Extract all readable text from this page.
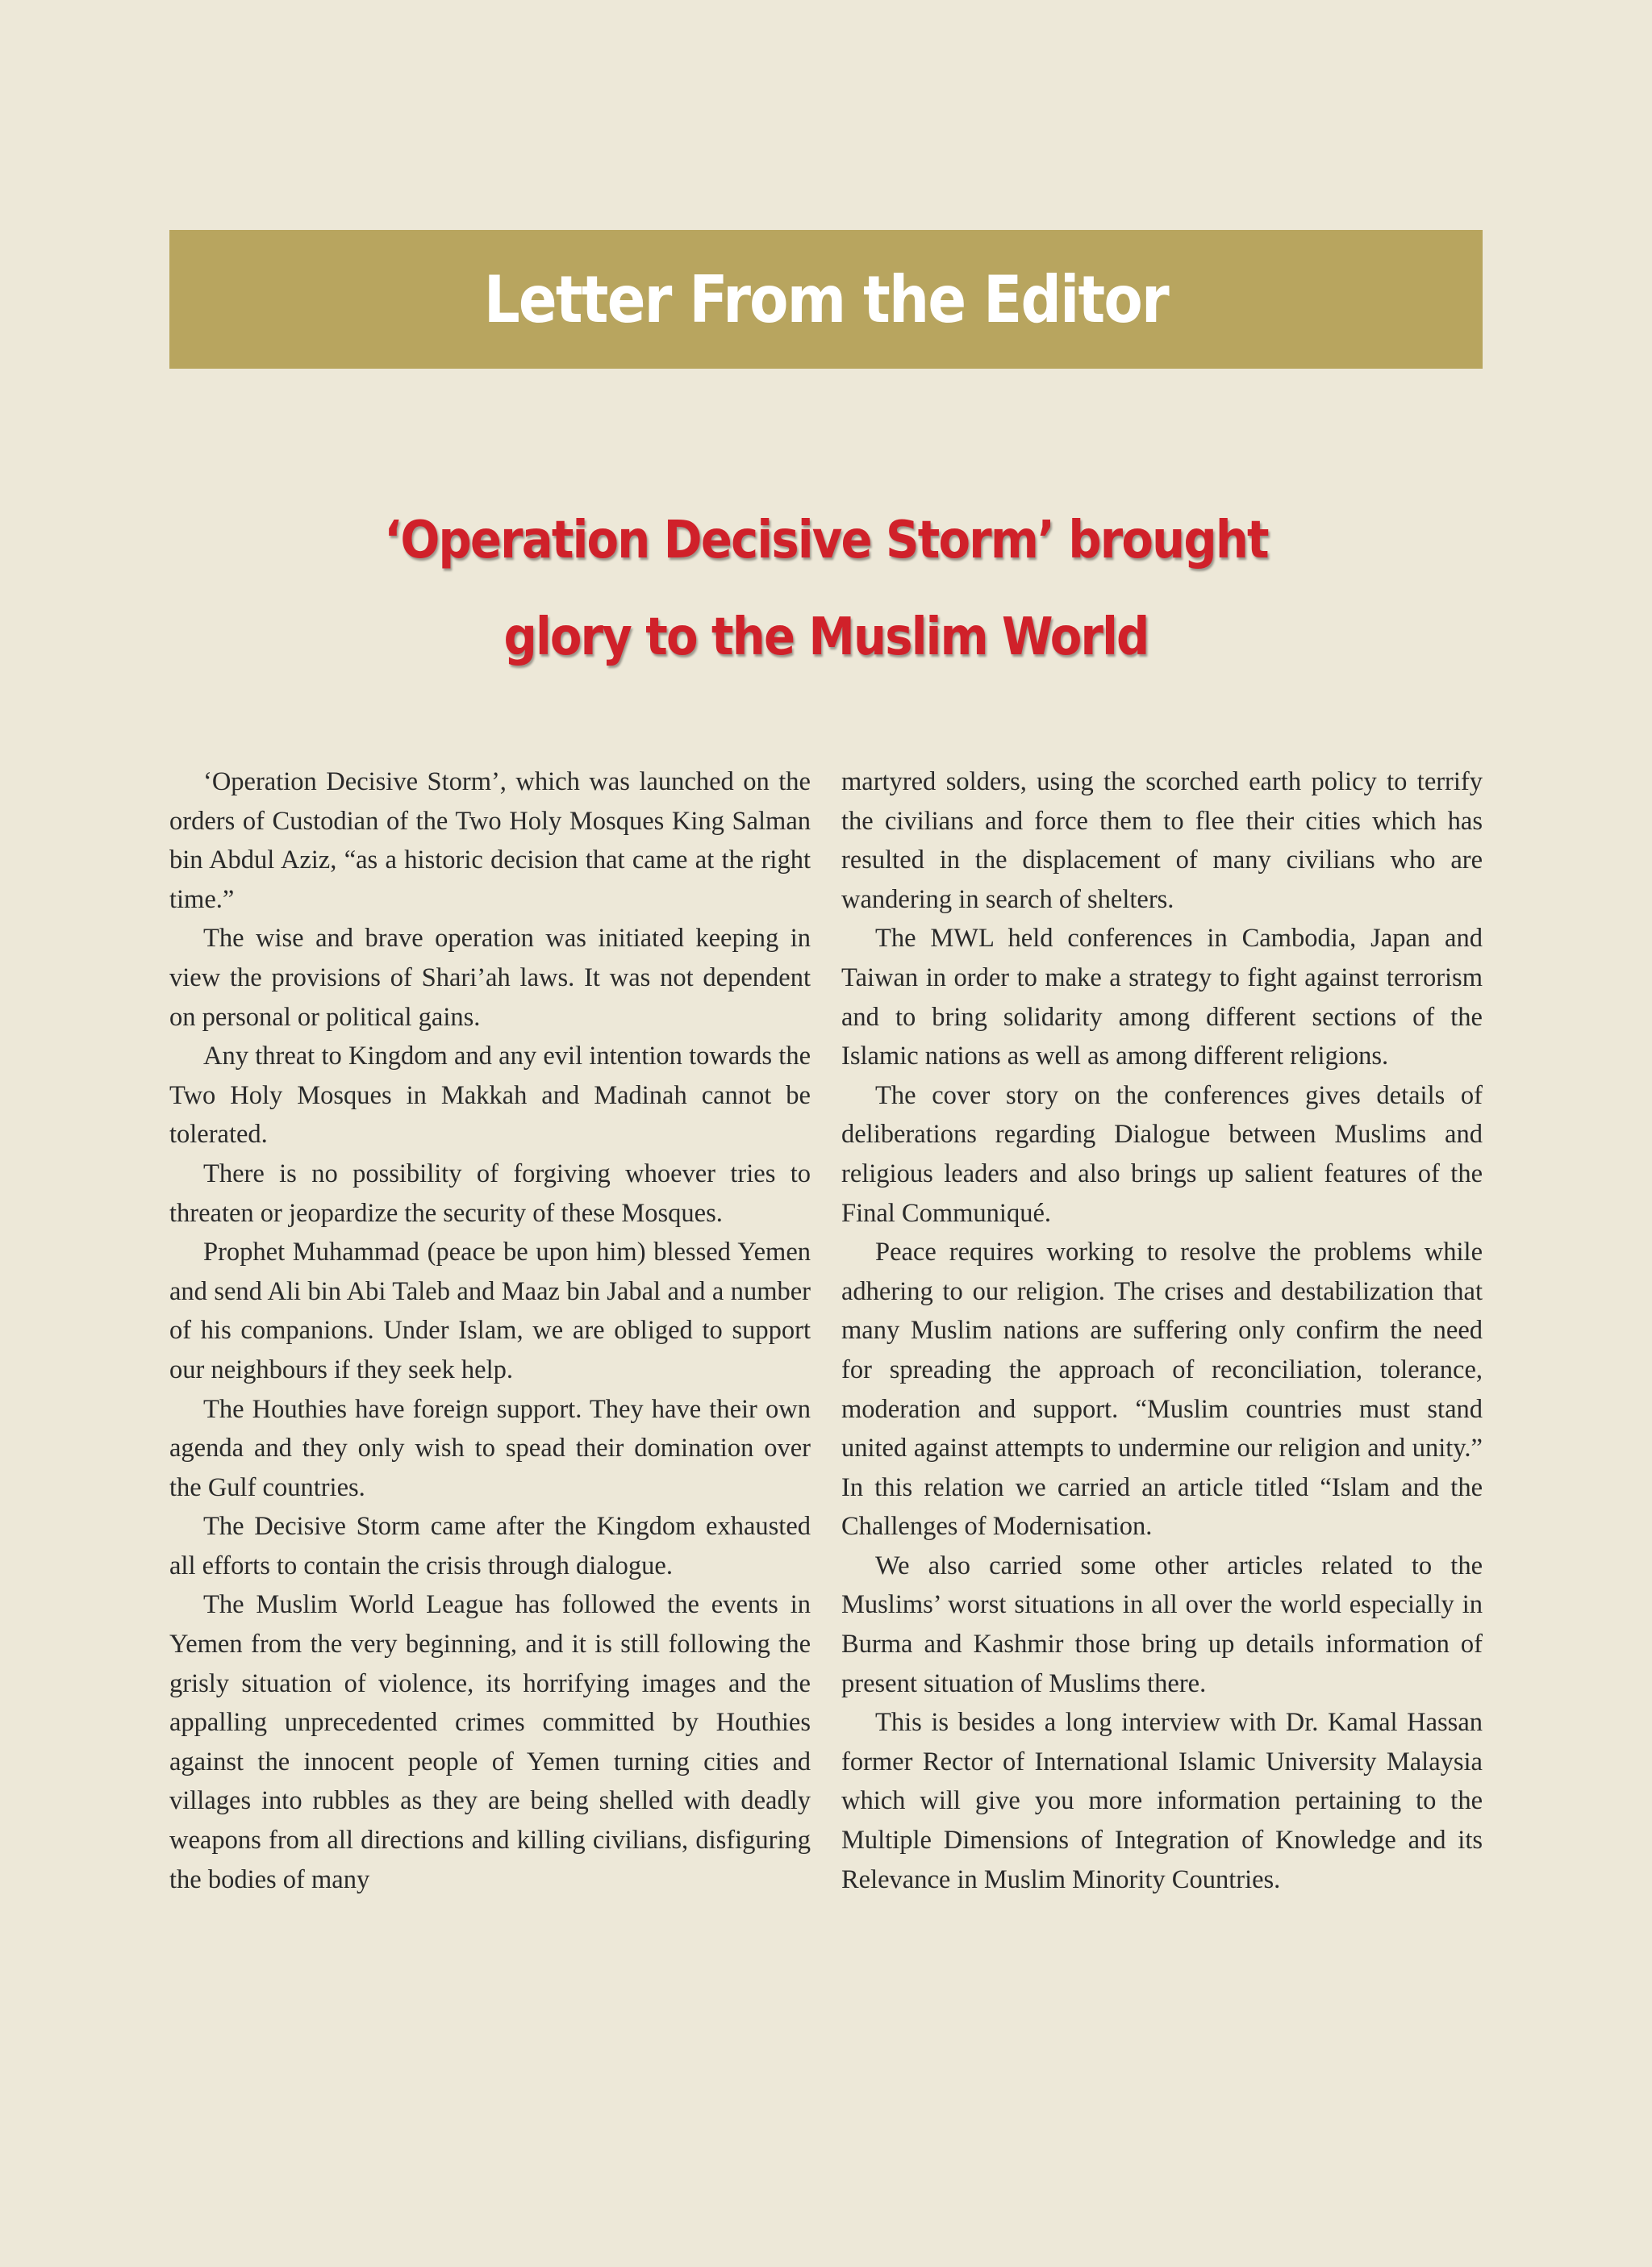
Letter From the Editor
‘Operation Decisive Storm’ brought
glory to the Muslim World

‘Operation Decisive Storm’, which was launched on the orders of Custodian of the Two Holy Mosques King Salman bin Abdul Aziz, “as a historic decision that came at the right time.”

The wise and brave operation was initiated keeping in view the provisions of Shari’ah laws. It was not dependent on personal or political gains.

Any threat to Kingdom and any evil intention towards the Two Holy Mosques in Makkah and Madinah cannot be tolerated.

There is no possibility of forgiving whoever tries to threaten or jeopardize the security of these Mosques.

Prophet Muhammad (peace be upon him) blessed Yemen and send Ali bin Abi Taleb and Maaz bin Jabal and a number of his companions. Under Islam, we are obliged to support our neighbours if they seek help.

The Houthies have foreign support. They have their own agenda and they only wish to spead their domination over the Gulf countries.

The Decisive Storm came after the Kingdom exhausted all efforts to contain the crisis through dialogue.

The Muslim World League has followed the events in Yemen from the very beginning, and it is still following the grisly situation of violence, its horrifying images and the appalling unprecedented crimes committed by Houthies against the innocent people of Yemen turning cities and villages into rubbles as they are being shelled with deadly weapons from all directions and killing civilians, disfiguring the bodies of many

martyred solders, using the scorched earth policy to terrify the civilians and force them to flee their cities which has resulted in the displacement of many civilians who are wandering in search of shelters.

The MWL held conferences in Cambodia, Japan and Taiwan in order to make a strategy to fight against terrorism and to bring solidarity among different sections of the Islamic nations as well as among different religions.

The cover story on the conferences gives details of deliberations regarding Dialogue between Muslims and religious leaders and also brings up salient features of the Final Communiqué.

Peace requires working to resolve the problems while adhering to our religion. The crises and destabilization that many Muslim nations are suffering only confirm the need for spreading the approach of reconciliation, tolerance, moderation and support. “Muslim countries must stand united against attempts to undermine our religion and unity.” In this relation we carried an article titled “Islam and the Challenges of Modernisation.

We also carried some other articles related to the Muslims’ worst situations in all over the world especially in Burma and Kashmir those bring up details information of present situation of Muslims there.

This is besides a long interview with Dr. Kamal Hassan former Rector of International Islamic University Malaysia which will give you more information pertaining to the Multiple Dimensions of Integration of Knowledge and its Relevance in Muslim Minority Countries.
